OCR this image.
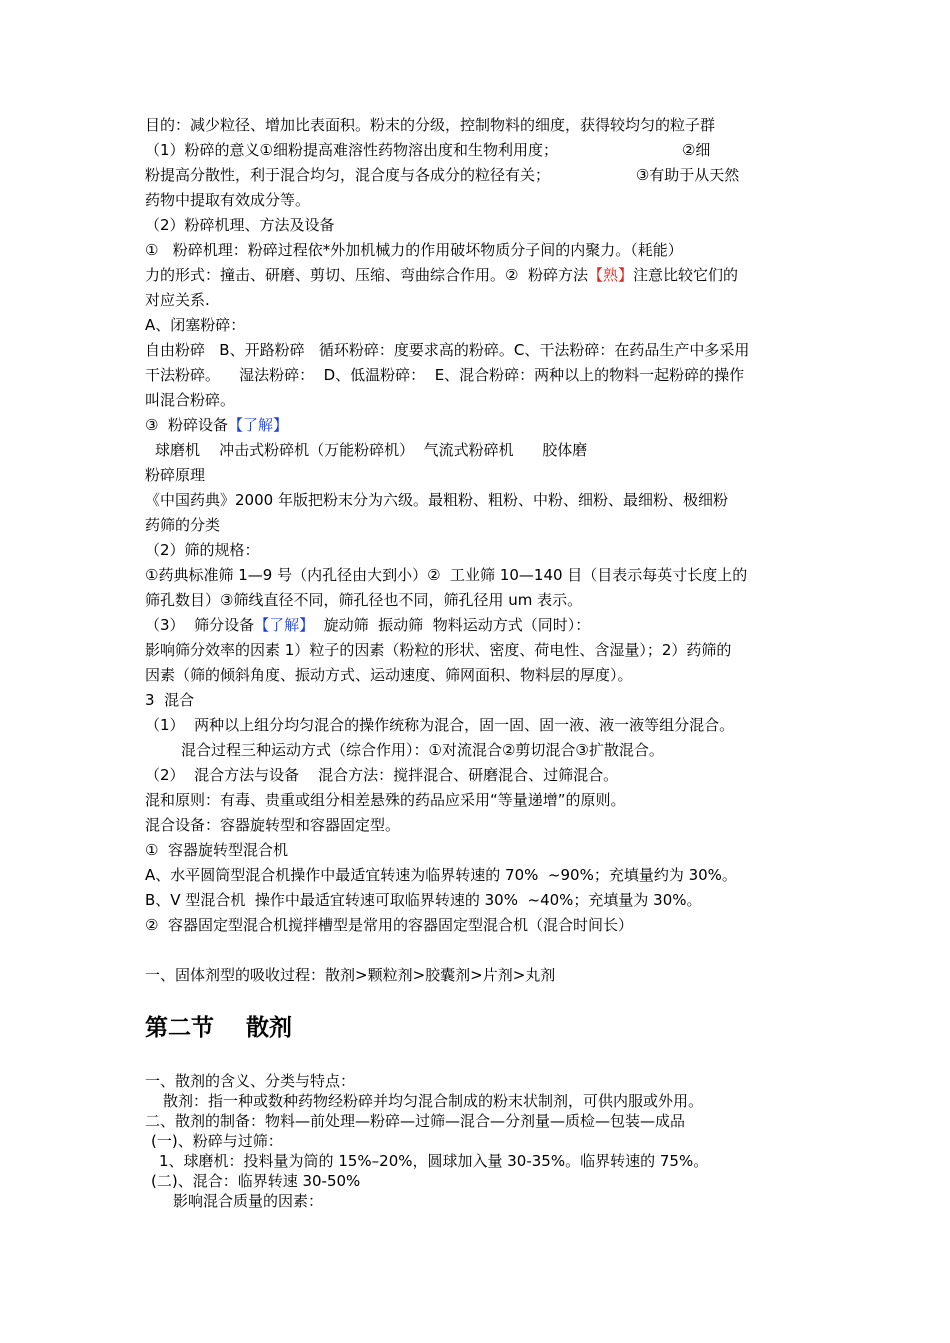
目的：减少粒径、增加比表面积。粉末的分级，控制物料的细度，获得较均匀的粒子群
（1）粉碎的意义①细粉提高难溶性药物溶出度和生物利用度；                          ②细
粉提高分散性，利于混合均匀，混合度与各成分的粒径有关；                  ③有助于从天然
药物中提取有效成分等。
（2）粉碎机理、方法及设备
①   粉碎机理：粉碎过程依*外加机械力的作用破坏物质分子间的内聚力。（耗能）
力的形式：撞击、研磨、剪切、压缩、弯曲综合作用。②  粉碎方法【熟】注意比较它们的
对应关系.
A、闭塞粉碎：
自由粉碎   B、开路粉碎   循环粉碎：度要求高的粉碎。C、干法粉碎：在药品生产中多采用
干法粉碎。    湿法粉碎：  D、低温粉碎：  E、混合粉碎：两种以上的物料一起粉碎的操作
叫混合粉碎。
③  粉碎设备【了解】
球磨机    冲击式粉碎机（万能粉碎机）  气流式粉碎机      胶体磨
粉碎原理
《中国药典》2000 年版把粉末分为六级。最粗粉、粗粉、中粉、细粉、最细粉、极细粉
药筛的分类
（2）筛的规格：
①药典标准筛 1—9 号（内孔径由大到小）②  工业筛 10—140 目（目表示每英寸长度上的
筛孔数目）③筛线直径不同，筛孔径也不同，筛孔径用 um 表示。
（3）  筛分设备【了解】  旋动筛  振动筛  物料运动方式（同时）：
影响筛分效率的因素 1）粒子的因素（粉粒的形状、密度、荷电性、含湿量）；2）药筛的
因素（筛的倾斜角度、振动方式、运动速度、筛网面积、物料层的厚度）。
3  混合
（1）  两种以上组分均匀混合的操作统称为混合，固一固、固一液、液一液等组分混合。
混合过程三种运动方式（综合作用）：①对流混合②剪切混合③扩散混合。
（2）  混合方法与设备    混合方法：搅拌混合、研磨混合、过筛混合。
混和原则：有毒、贵重或组分相差悬殊的药品应采用“等量递增”的原则。
混合设备：容器旋转型和容器固定型。
①  容器旋转型混合机
A、水平圆筒型混合机操作中最适宜转速为临界转速的 70%  ~90%；充填量约为 30%。
B、V 型混合机  操作中最适宜转速可取临界转速的 30%  ~40%；充填量为 30%。
②  容器固定型混合机搅拌槽型是常用的容器固定型混合机（混合时间长）
一、固体剂型的吸收过程：散剂>颗粒剂>胶囊剂>片剂>丸剂
第二节    散剂
一、散剂的含义、分类与特点：
散剂：指一种或数种药物经粉碎并均匀混合制成的粉末状制剂，可供内服或外用。
二、散剂的制备：物料—前处理—粉碎—过筛—混合—分剂量—质检—包装—成品
(一)、粉碎与过筛：
1、球磨机：投料量为筒的 15%–20%，圆球加入量 30-35%。临界转速的 75%。
(二)、混合：临界转速 30-50%
影响混合质量的因素：
